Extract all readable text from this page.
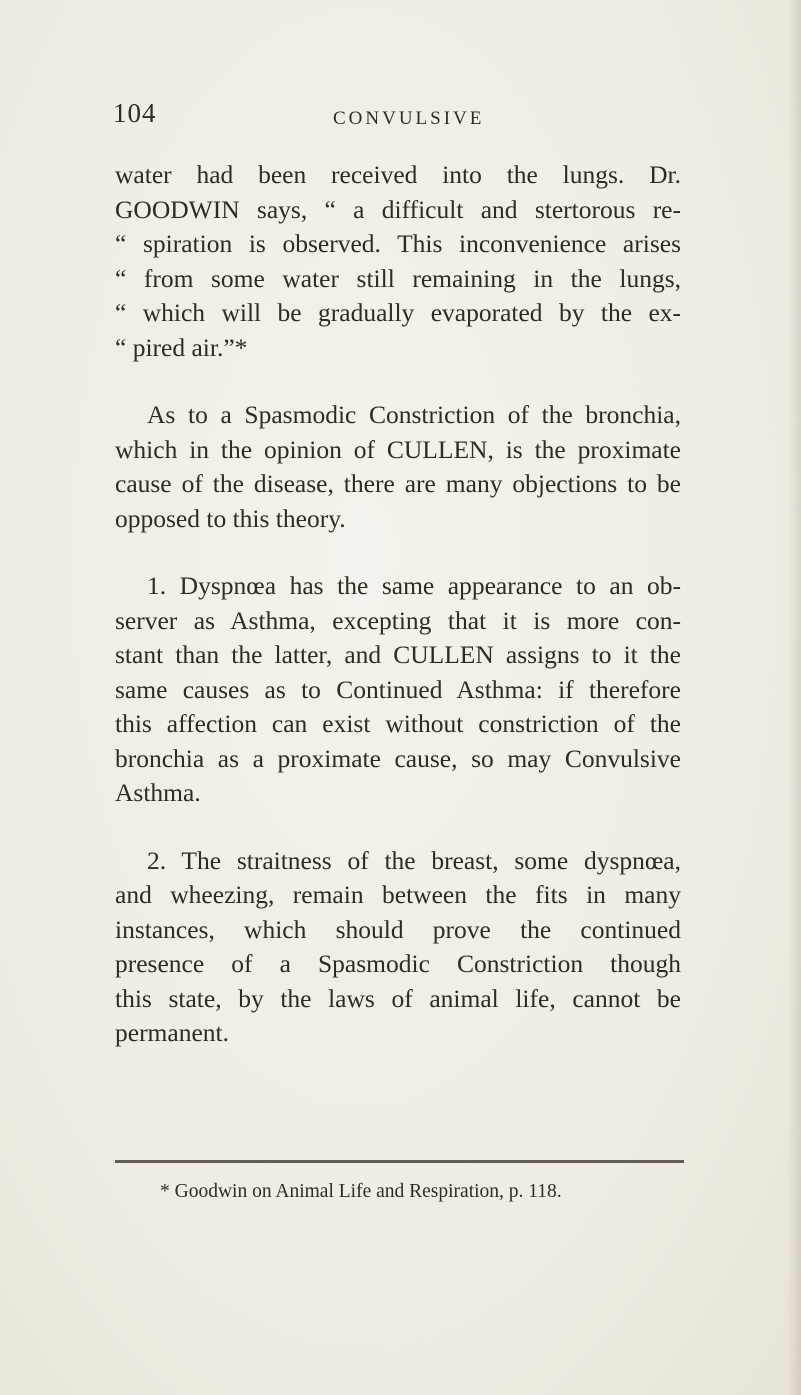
104	CONVULSIVE
water had been received into the lungs. Dr.
GOODWIN says, “ a difficult and stertorous re-
“ spiration is observed. This inconvenience arises
“ from some water still remaining in the lungs,
“ which will be gradually evaporated by the ex-
“ pired air.”*
As to a Spasmodic Constriction of the bronchia,
which in the opinion of CULLEN, is the proximate
cause of the disease, there are many objections to be
opposed to this theory.
1. Dyspnœa has the same appearance to an ob-
server as Asthma, excepting that it is more con-
stant than the latter, and CULLEN assigns to it the
same causes as to Continued Asthma: if therefore
this affection can exist without constriction of the
bronchia as a proximate cause, so may Convulsive
Asthma.
2. The straitness of the breast, some dyspnœa,
and wheezing, remain between the fits in many
instances, which should prove the continued
presence of a Spasmodic Constriction though
this state, by the laws of animal life, cannot be
permanent.
* Goodwin on Animal Life and Respiration, p. 118.
